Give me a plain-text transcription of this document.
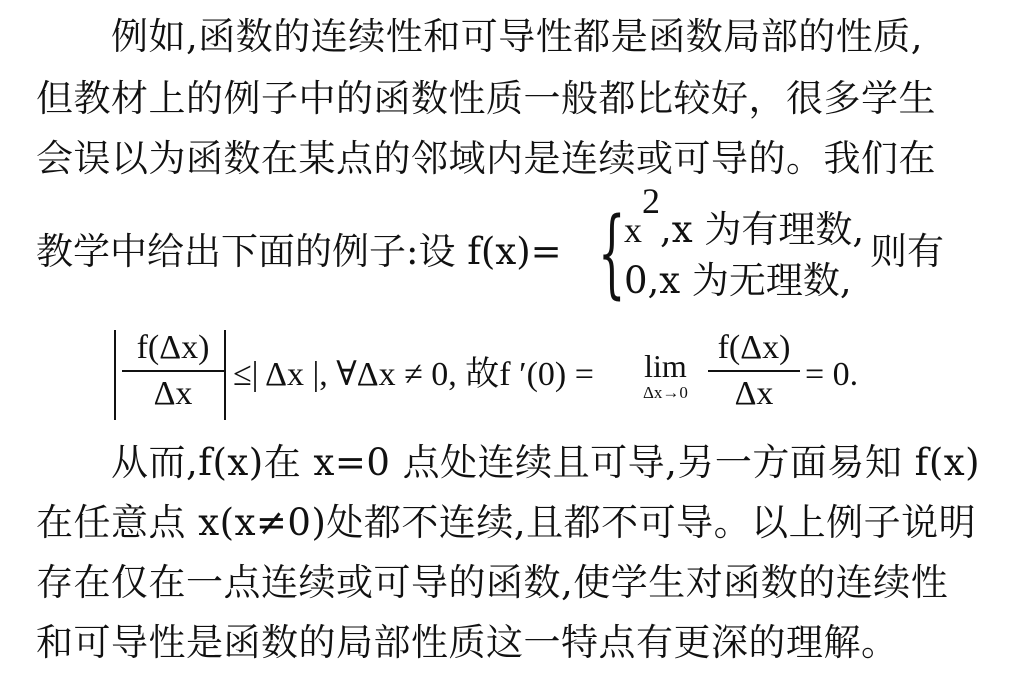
　　例如,函数的连续性和可导性都是函数局部的性质,
但教材上的例子中的函数性质一般都比较好，很多学生
会误以为函数在某点的邻域内是连续或可导的。我们在
教学中给出下面的例子:设 f(x)= {
$x^2,x$ 为有理数,
0,x 为无理数,
则有
f(Δx)
Δx
≤| Δx |, ∀Δx ≠ 0, 故f ′(0) = lim
Δx→0
f(Δx)
Δx
= 0.
　　从而,f(x)在 x=0 点处连续且可导,另一方面易知 f(x)
在任意点 x(x≠0)处都不连续,且都不可导。以上例子说明
存在仅在一点连续或可导的函数,使学生对函数的连续性
和可导性是函数的局部性质这一特点有更深的理解。
